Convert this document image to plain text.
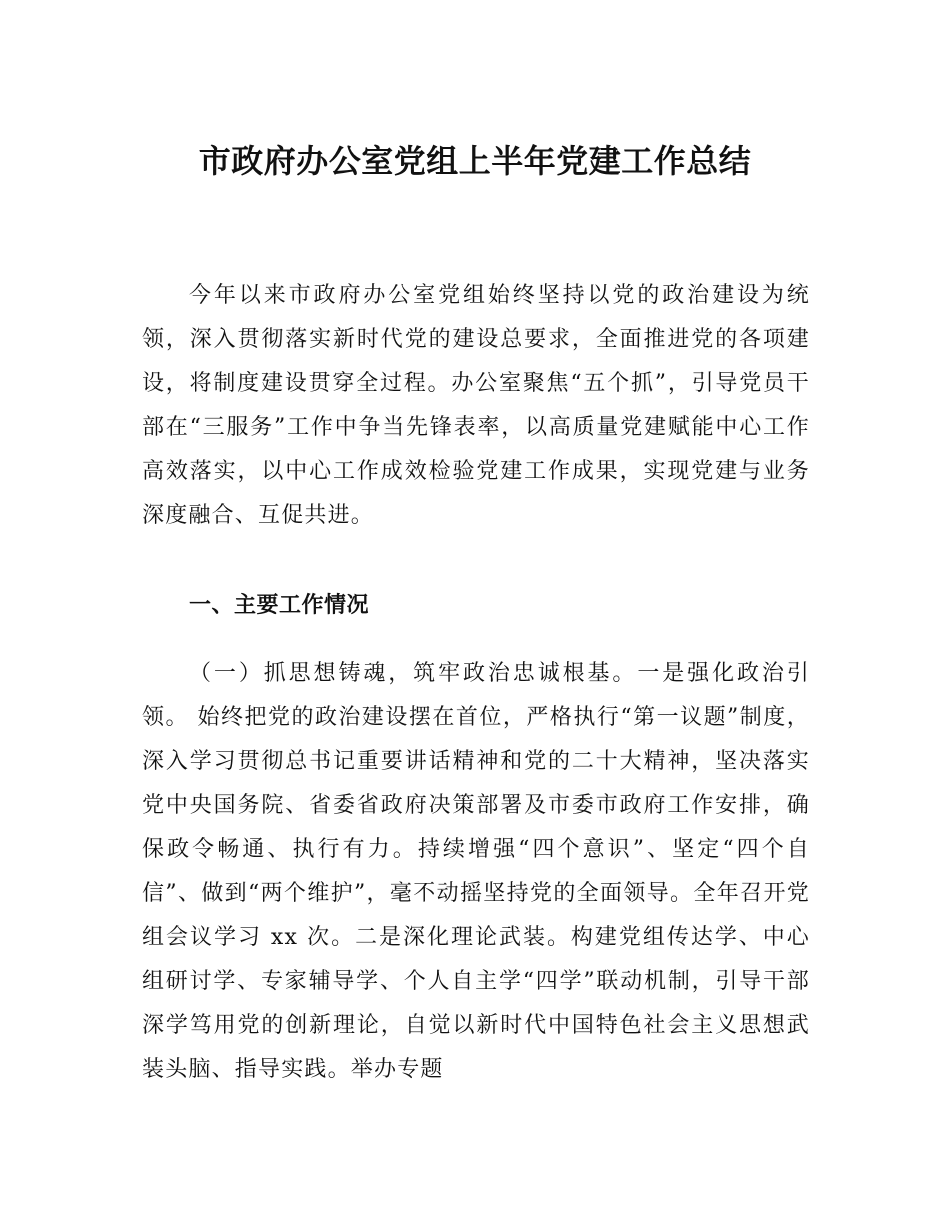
市政府办公室党组上半年党建工作总结

今年以来市政府办公室党组始终坚持以党的政治建设为统领，深入贯彻落实新时代党的建设总要求，全面推进党的各项建设，将制度建设贯穿全过程。办公室聚焦“五个抓”，引导党员干部在“三服务”工作中争当先锋表率，以高质量党建赋能中心工作高效落实，以中心工作成效检验党建工作成果，实现党建与业务深度融合、互促共进。

一、主要工作情况

（一）抓思想铸魂，筑牢政治忠诚根基。一是强化政治引领。 始终把党的政治建设摆在首位，严格执行“第一议题”制度，深入学习贯彻总书记重要讲话精神和党的二十大精神，坚决落实党中央国务院、省委省政府决策部署及市委市政府工作安排，确保政令畅通、执行有力。持续增强“四个意识”、坚定“四个自信”、做到“两个维护”，毫不动摇坚持党的全面领导。全年召开党组会议学习 xx 次。二是深化理论武装。构建党组传达学、中心组研讨学、专家辅导学、个人自主学“四学”联动机制，引导干部深学笃用党的创新理论，自觉以新时代中国特色社会主义思想武装头脑、指导实践。举办专题
